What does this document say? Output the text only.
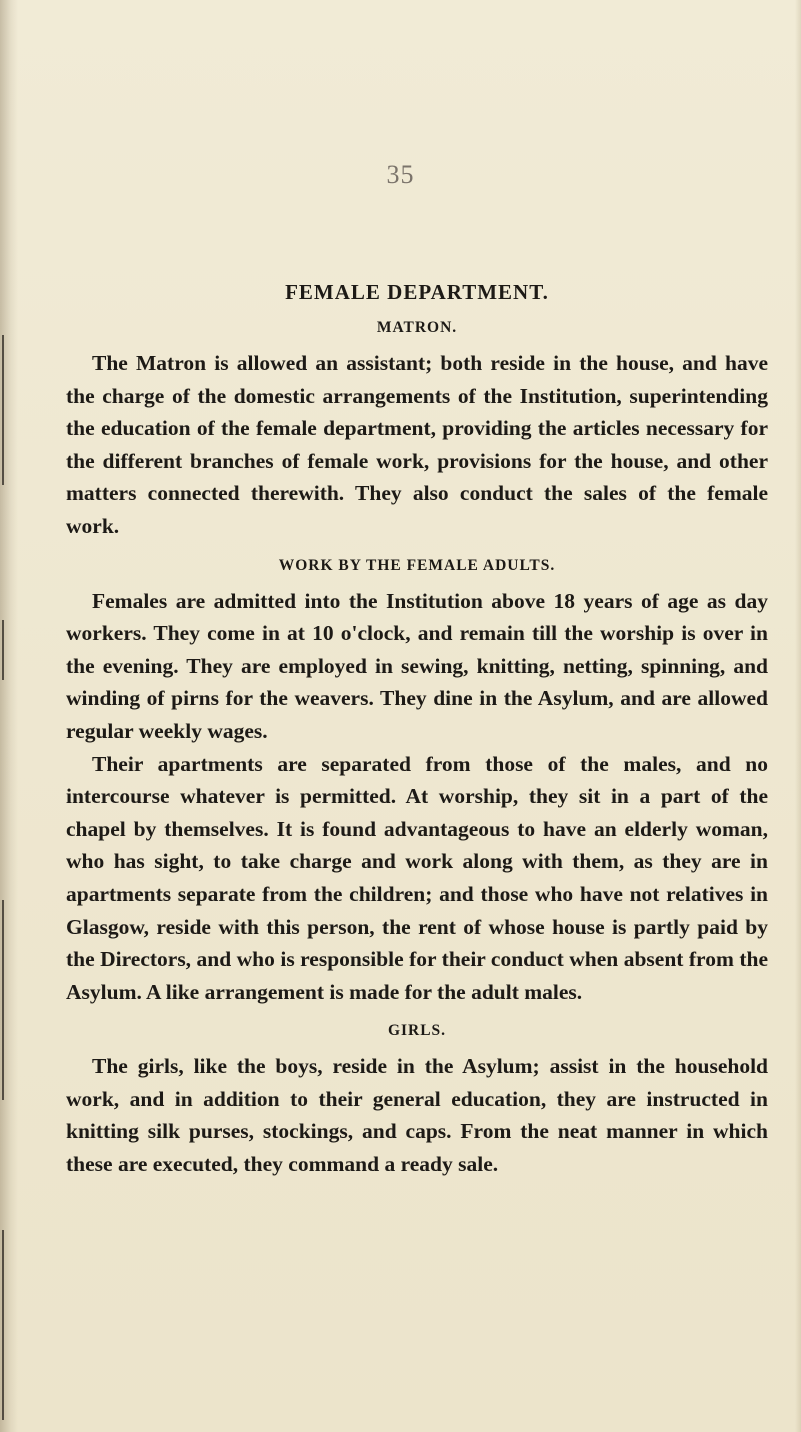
35
FEMALE DEPARTMENT.
MATRON.

The Matron is allowed an assistant; both reside in the house, and have the charge of the domestic arrangements of the Institution, superintending the education of the female department, providing the articles necessary for the different branches of female work, provisions for the house, and other matters connected therewith. They also conduct the sales of the female work.

WORK BY THE FEMALE ADULTS.

Females are admitted into the Institution above 18 years of age as day workers. They come in at 10 o'clock, and remain till the worship is over in the evening. They are employed in sewing, knitting, netting, spinning, and winding of pirns for the weavers. They dine in the Asylum, and are allowed regular weekly wages.

Their apartments are separated from those of the males, and no intercourse whatever is permitted. At worship, they sit in a part of the chapel by themselves. It is found advantageous to have an elderly woman, who has sight, to take charge and work along with them, as they are in apartments separate from the children; and those who have not relatives in Glasgow, reside with this person, the rent of whose house is partly paid by the Directors, and who is responsible for their conduct when absent from the Asylum. A like arrangement is made for the adult males.

GIRLS.

The girls, like the boys, reside in the Asylum; assist in the household work, and in addition to their general education, they are instructed in knitting silk purses, stockings, and caps. From the neat manner in which these are executed, they command a ready sale.
